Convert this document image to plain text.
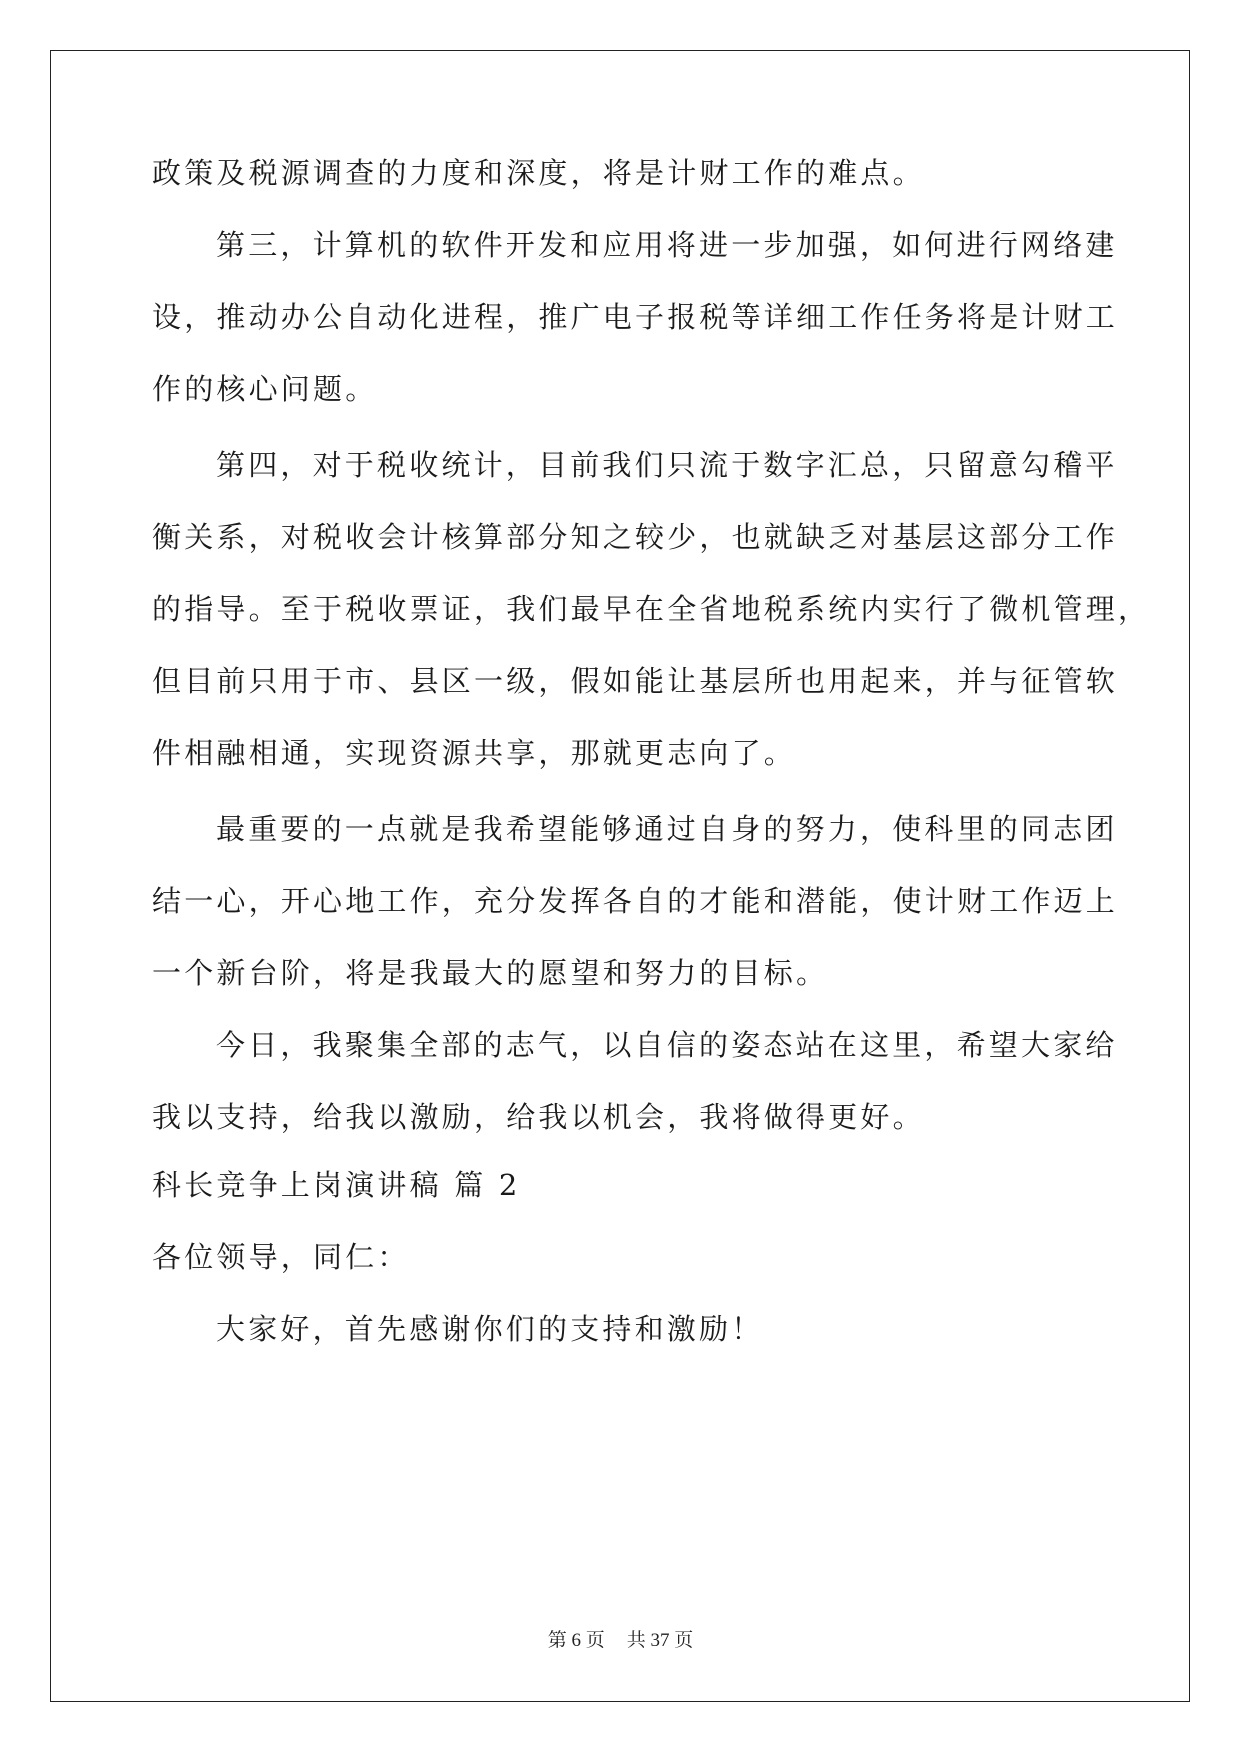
政策及税源调查的力度和深度，将是计财工作的难点。
第三，计算机的软件开发和应用将进一步加强，如何进行网络建
设，推动办公自动化进程，推广电子报税等详细工作任务将是计财工
作的核心问题。
第四，对于税收统计，目前我们只流于数字汇总，只留意勾稽平
衡关系，对税收会计核算部分知之较少，也就缺乏对基层这部分工作
的指导。至于税收票证，我们最早在全省地税系统内实行了微机管理，
但目前只用于市、县区一级，假如能让基层所也用起来，并与征管软
件相融相通，实现资源共享，那就更志向了。
最重要的一点就是我希望能够通过自身的努力，使科里的同志团
结一心，开心地工作，充分发挥各自的才能和潜能，使计财工作迈上
一个新台阶，将是我最大的愿望和努力的目标。
今日，我聚集全部的志气，以自信的姿态站在这里，希望大家给
我以支持，给我以激励，给我以机会，我将做得更好。
科长竞争上岗演讲稿 篇 2
各位领导，同仁：
大家好，首先感谢你们的支持和激励！
第 6 页 共 37 页
